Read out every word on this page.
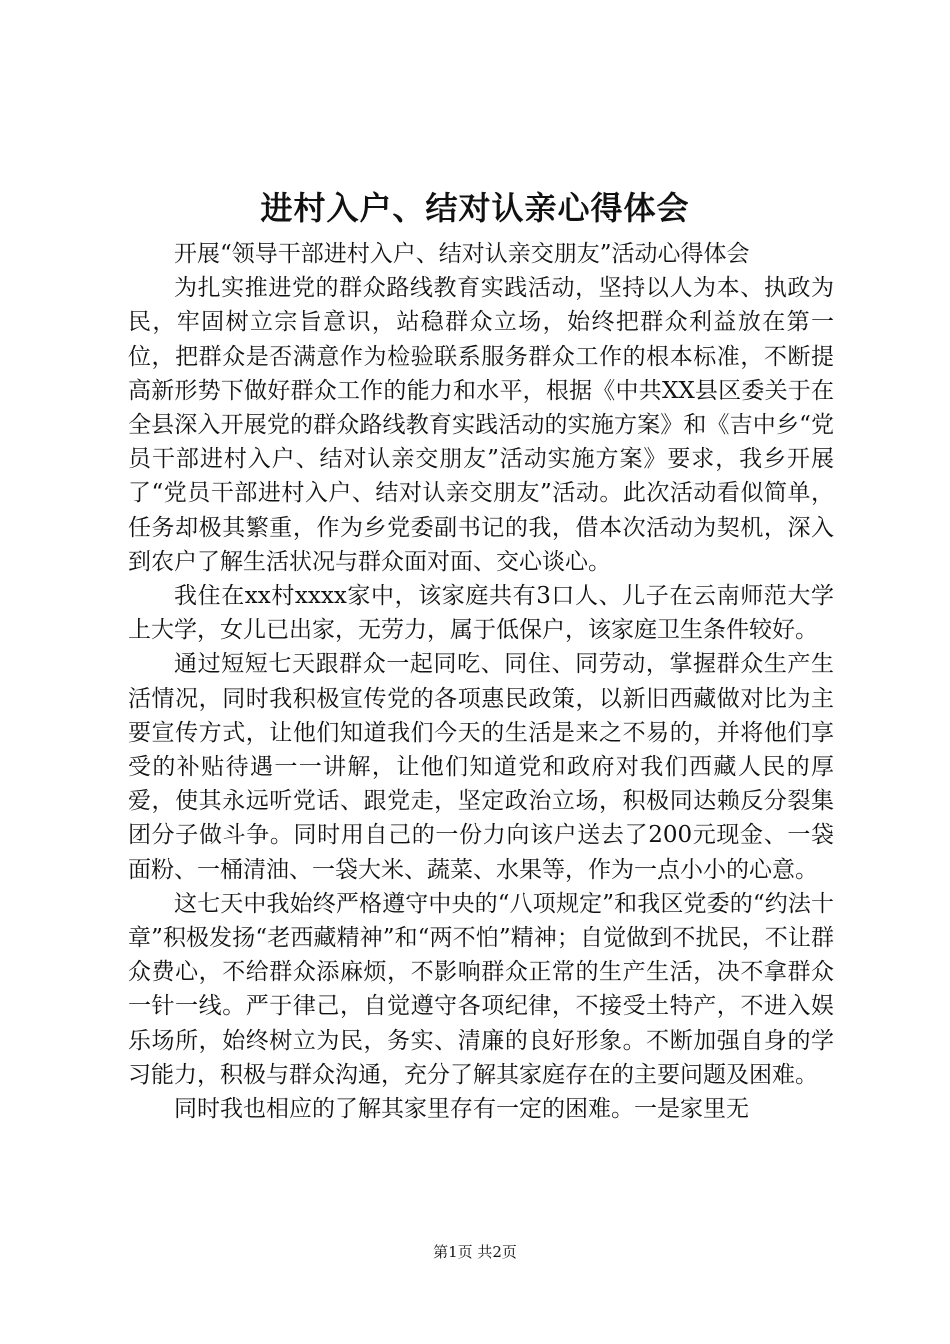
进村入户、结对认亲心得体会

开展“领导干部进村入户、结对认亲交朋友”活动心得体会

为扎实推进党的群众路线教育实践活动，坚持以人为本、执政为民，牢固树立宗旨意识，站稳群众立场，始终把群众利益放在第一位，把群众是否满意作为检验联系服务群众工作的根本标准，不断提高新形势下做好群众工作的能力和水平，根据《中共XX县区委关于在全县深入开展党的群众路线教育实践活动的实施方案》和《吉中乡“党员干部进村入户、结对认亲交朋友”活动实施方案》要求，我乡开展了“党员干部进村入户、结对认亲交朋友”活动。此次活动看似简单，任务却极其繁重，作为乡党委副书记的我，借本次活动为契机，深入到农户了解生活状况与群众面对面、交心谈心。

我住在xx村xxxx家中，该家庭共有3口人、儿子在云南师范大学上大学，女儿已出家，无劳力，属于低保户，该家庭卫生条件较好。

通过短短七天跟群众一起同吃、同住、同劳动，掌握群众生产生活情况，同时我积极宣传党的各项惠民政策，以新旧西藏做对比为主要宣传方式，让他们知道我们今天的生活是来之不易的，并将他们享受的补贴待遇一一讲解，让他们知道党和政府对我们西藏人民的厚爱，使其永远听党话、跟党走，坚定政治立场，积极同达赖反分裂集团分子做斗争。同时用自己的一份力向该户送去了200元现金、一袋面粉、一桶清油、一袋大米、蔬菜、水果等，作为一点小小的心意。

这七天中我始终严格遵守中央的“八项规定”和我区党委的“约法十章”积极发扬“老西藏精神”和“两不怕”精神；自觉做到不扰民，不让群众费心，不给群众添麻烦，不影响群众正常的生产生活，决不拿群众一针一线。严于律己，自觉遵守各项纪律，不接受土特产，不进入娱乐场所，始终树立为民，务实、清廉的良好形象。不断加强自身的学习能力，积极与群众沟通，充分了解其家庭存在的主要问题及困难。

同时我也相应的了解其家里存有一定的困难。一是家里无

第1页 共2页
